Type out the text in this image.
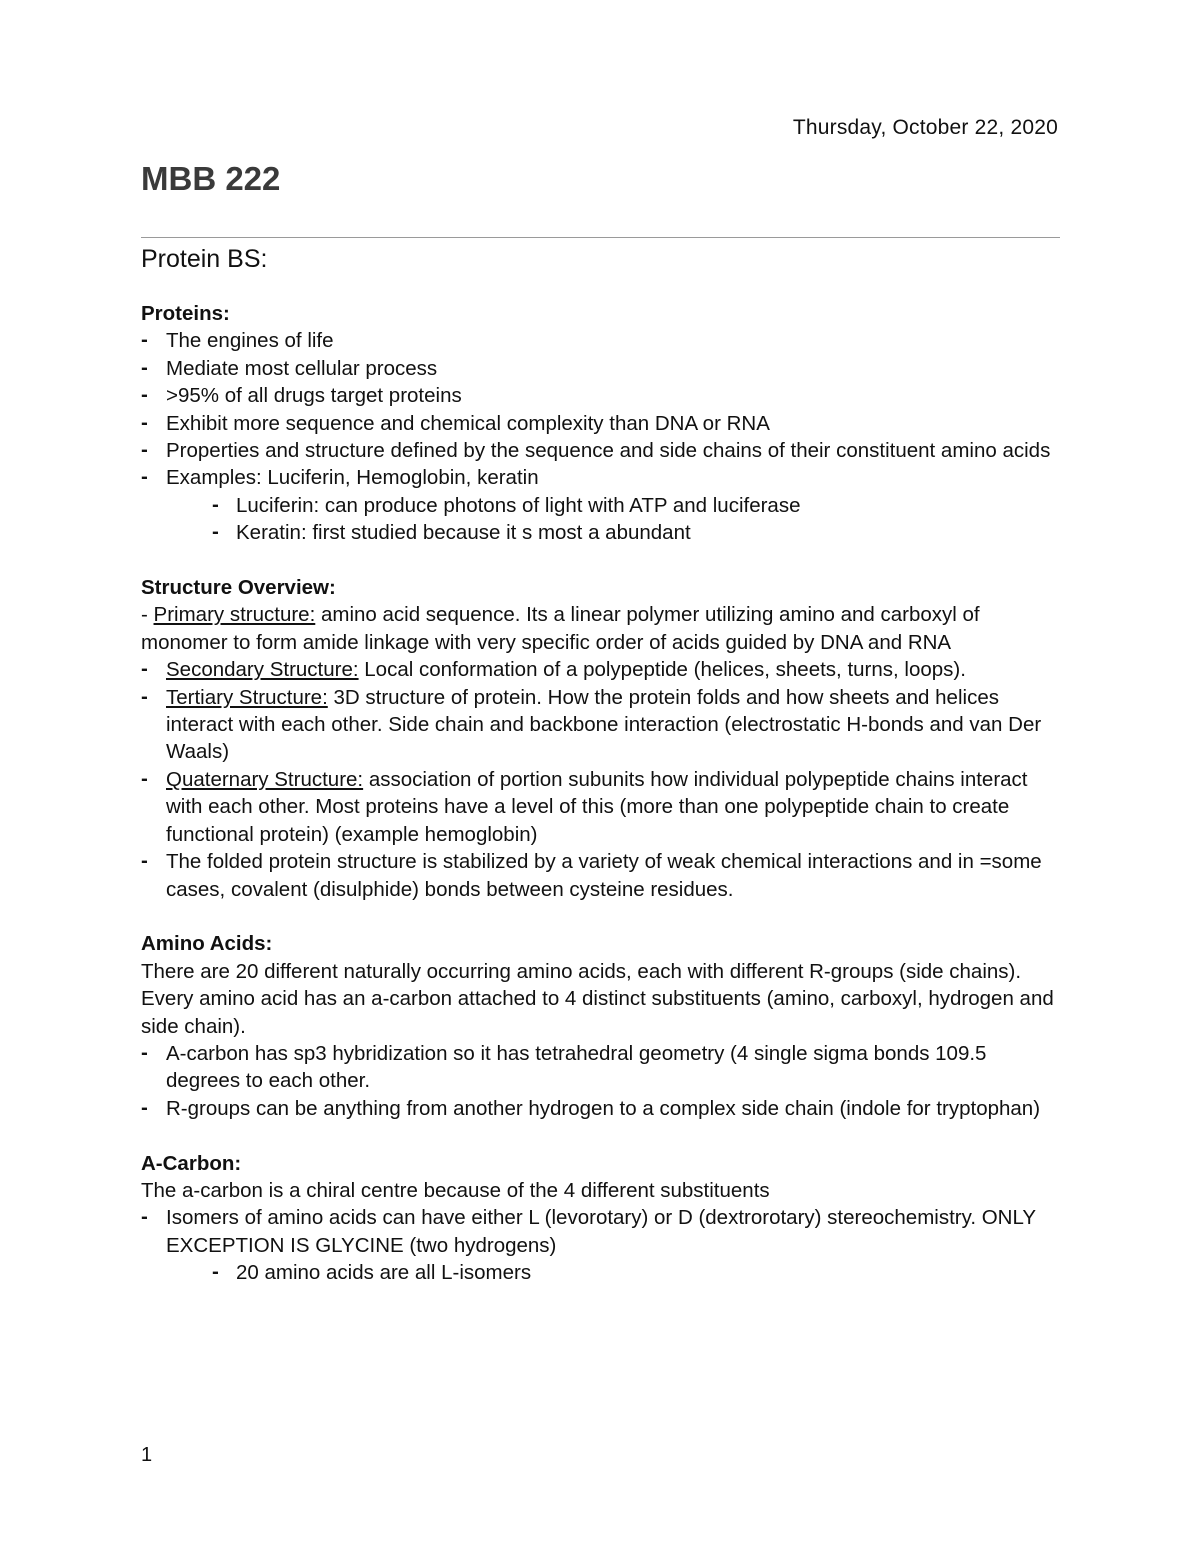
Thursday, October 22, 2020
MBB 222
Protein BS:

Proteins:

- The engines of life
- Mediate most cellular process
- >95% of all drugs target proteins
- Exhibit more sequence and chemical complexity than DNA or RNA
- Properties and structure defined by the sequence and side chains of their constituent amino acids
- Examples: Luciferin, Hemoglobin, keratin
- Luciferin: can produce photons of light with ATP and luciferase
- Keratin: first studied because it s most a abundant

Structure Overview:

- Primary structure: amino acid sequence. Its a linear polymer utilizing amino and carboxyl of monomer to form amide linkage with very specific order of acids guided by DNA and RNA

- Secondary Structure: Local conformation of a polypeptide (helices, sheets, turns, loops).
- Tertiary Structure: 3D structure of protein. How the protein folds and how sheets and helices interact with each other. Side chain and backbone interaction (electrostatic H-bonds and van Der Waals)
- Quaternary Structure: association of portion subunits how individual polypeptide chains interact with each other. Most proteins have a level of this (more than one polypeptide chain to create functional protein) (example hemoglobin)
- The folded protein structure is stabilized by a variety of weak chemical interactions and in =some cases, covalent (disulphide) bonds between cysteine residues.

Amino Acids:

There are 20 different naturally occurring amino acids, each with different R-groups (side chains). Every amino acid has an a-carbon attached to 4 distinct substituents (amino, carboxyl, hydrogen and side chain).

- A-carbon has sp3 hybridization so it has tetrahedral geometry (4 single sigma bonds 109.5 degrees to each other.
- R-groups can be anything from another hydrogen to a complex side chain (indole for tryptophan)

A-Carbon:

The a-carbon is a chiral centre because of the 4 different substituents

- Isomers of amino acids can have either L (levorotary) or D (dextrorotary) stereochemistry. ONLY EXCEPTION IS GLYCINE (two hydrogens)
- 20 amino acids are all L-isomers
1
